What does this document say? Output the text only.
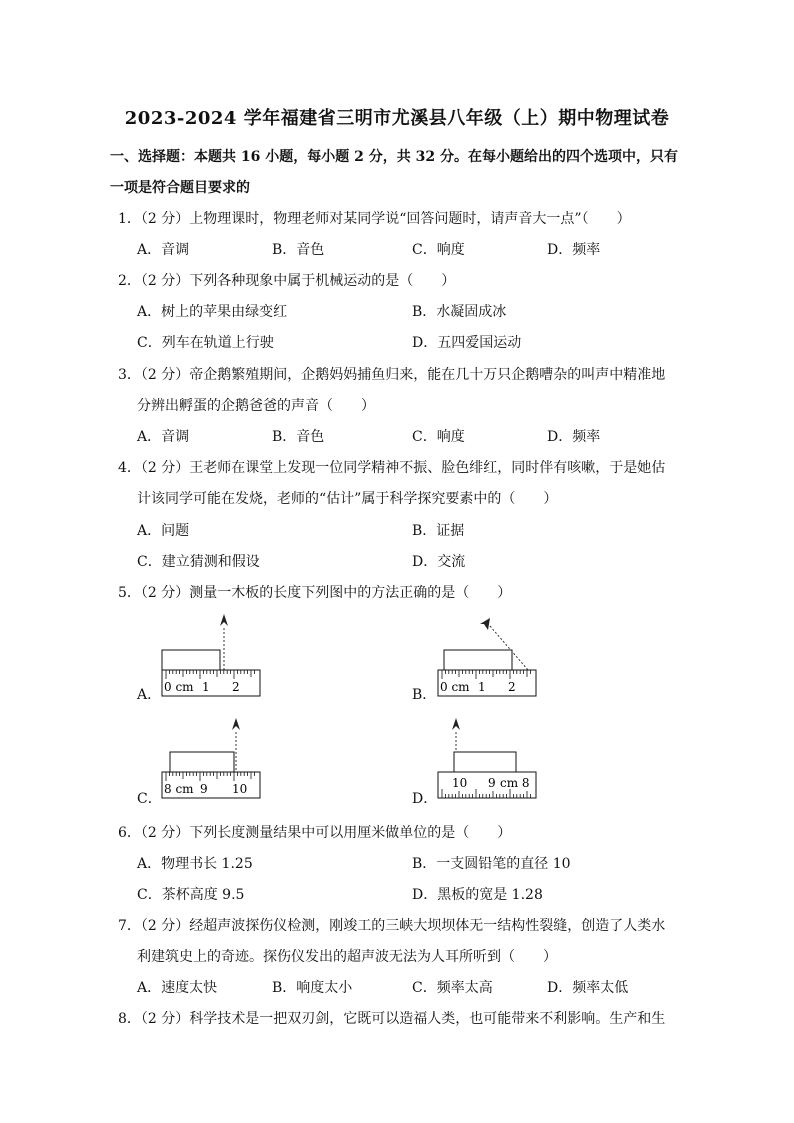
2023-2024 学年福建省三明市尤溪县八年级（上）期中物理试卷
一、选择题：本题共 16 小题，每小题 2 分，共 32 分。在每小题给出的四个选项中，只有
一项是符合题目要求的
1．（2 分）上物理课时，物理老师对某同学说“回答问题时，请声音大一点”（　　）
A．音调	B．音色	C．响度	D．频率
2．（2 分）下列各种现象中属于机械运动的是（　　）
A．树上的苹果由绿变红	B．水凝固成冰
C．列车在轨道上行驶	D．五四爱国运动
3．（2 分）帝企鹅繁殖期间，企鹅妈妈捕鱼归来，能在几十万只企鹅嘈杂的叫声中精准地
分辨出孵蛋的企鹅爸爸的声音（　　）
A．音调	B．音色	C．响度	D．频率
4．（2 分）王老师在课堂上发现一位同学精神不振、脸色绯红，同时伴有咳嗽，于是她估
计该同学可能在发烧，老师的“估计”属于科学探究要素中的（　　）
A．问题	B．证据
C．建立猜测和假设	D．交流
5．（2 分）测量一木板的长度下列图中的方法正确的是（　　）
A． 0 cm 1 2	B． 0 cm 1 2
C．
8 cm 9 10
D．
10 9 cm 8
6．（2 分）下列长度测量结果中可以用厘米做单位的是（　　）
A．物理书长 1.25	B．一支圆铅笔的直径 10
C．茶杯高度 9.5	D．黑板的宽是 1.28
7．（2 分）经超声波探伤仪检测，刚竣工的三峡大坝坝体无一结构性裂缝，创造了人类水
利建筑史上的奇迹。探伤仪发出的超声波无法为人耳所听到（　　）
A．速度太快	B．响度太小	C．频率太高	D．频率太低
8．（2 分）科学技术是一把双刃剑，它既可以造福人类，也可能带来不利影响。生产和生
